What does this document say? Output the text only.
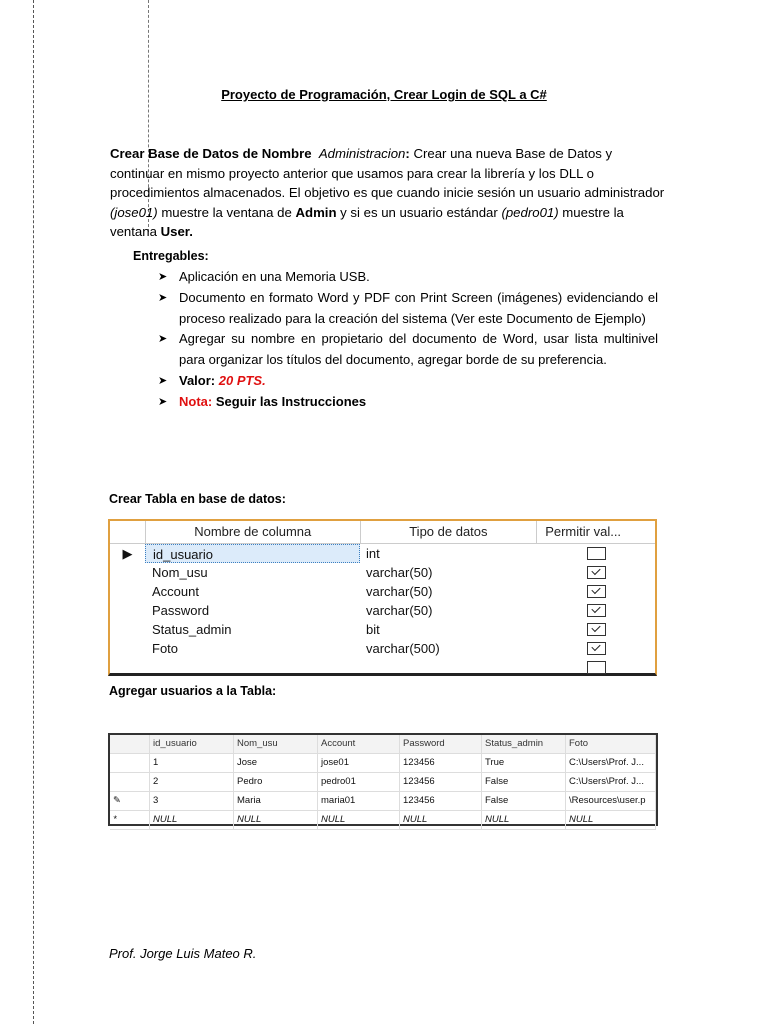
Proyecto de Programación, Crear Login de SQL a C#
Crear Base de Datos de Nombre Administracion: Crear una nueva Base de Datos y continuar en mismo proyecto anterior que usamos para crear la librería y los DLL o procedimientos almacenados. El objetivo es que cuando inicie sesión un usuario administrador (jose01) muestre la ventana de Admin y si es un usuario estándar (pedro01) muestre la ventana User.
Entregables:
➤ Aplicación en una Memoria USB.
➤ Documento en formato Word y PDF con Print Screen (imágenes) evidenciando el proceso realizado para la creación del sistema (Ver este Documento de Ejemplo)
➤ Agregar su nombre en propietario del documento de Word, usar lista multinivel para organizar los títulos del documento, agregar borde de su preferencia.
➤ Valor: 20 PTS.
➤ Nota: Seguir las Instrucciones
Crear Tabla en base de datos:
Nombre de columna	Tipo de datos	Permitir val...
▶	id_usuario	int
Nom_usu	varchar(50)
Account	varchar(50)
Password	varchar(50)
Status_admin	bit
Foto	varchar(500)
Agregar usuarios a la Tabla:
id_usuario	Nom_usu	Account	Password	Status_admin	Foto
1	Jose	jose01	123456	True	C:\Users\Prof. J...
2	Pedro	pedro01	123456	False	C:\Users\Prof. J...
✎	3	Maria	maria01	123456	False	\Resources\user.p
*	NULL	NULL	NULL	NULL	NULL	NULL
Prof. Jorge Luis Mateo R.
